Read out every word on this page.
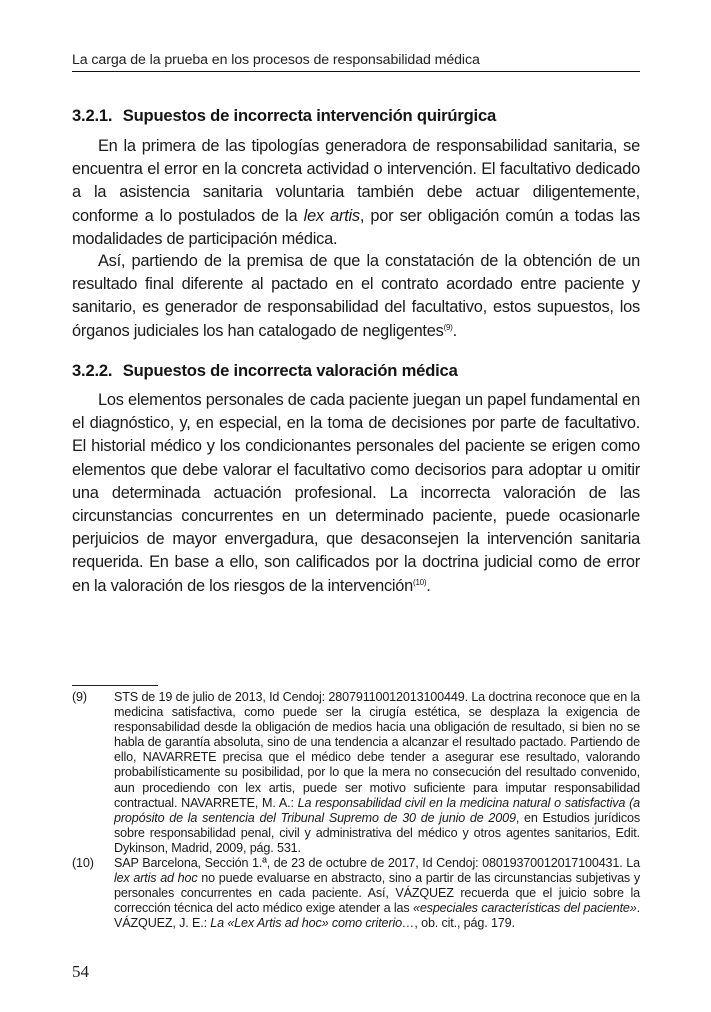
La carga de la prueba en los procesos de responsabilidad médica
3.2.1. Supuestos de incorrecta intervención quirúrgica

En la primera de las tipologías generadora de responsabilidad sanitaria, se encuentra el error en la concreta actividad o intervención. El facultativo dedicado a la asistencia sanitaria voluntaria también debe actuar diligentemente, conforme a lo postulados de la lex artis, por ser obligación común a todas las modalidades de participación médica.

Así, partiendo de la premisa de que la constatación de la obtención de un resultado final diferente al pactado en el contrato acordado entre paciente y sanitario, es generador de responsabilidad del facultativo, estos supuestos, los órganos judiciales los han catalogado de negligentes$^{(9)}$.

3.2.2. Supuestos de incorrecta valoración médica

Los elementos personales de cada paciente juegan un papel fundamental en el diagnóstico, y, en especial, en la toma de decisiones por parte de facultativo. El historial médico y los condicionantes personales del paciente se erigen como elementos que debe valorar el facultativo como decisorios para adoptar u omitir una determinada actuación profesional. La incorrecta valoración de las circunstancias concurrentes en un determinado paciente, puede ocasionarle perjuicios de mayor envergadura, que desaconsejen la intervención sanitaria requerida. En base a ello, son calificados por la doctrina judicial como de error en la valoración de los riesgos de la intervención$^{(10)}$.

(9)	STS de 19 de julio de 2013, Id Cendoj: 28079110012013100449. La doctrina reconoce que en la medicina satisfactiva, como puede ser la cirugía estética, se desplaza la exigencia de responsabilidad desde la obligación de medios hacia una obligación de resultado, si bien no se habla de garantía absoluta, sino de una tendencia a alcanzar el resultado pactado. Partiendo de ello, NAVARRETE precisa que el médico debe tender a asegurar ese resultado, valorando probabilísticamente su posibilidad, por lo que la mera no consecución del resultado convenido, aun procediendo con lex artis, puede ser motivo suficiente para imputar responsabilidad contractual. NAVARRETE, M. A.: La responsabilidad civil en la medicina natural o satisfactiva (a propósito de la sentencia del Tribunal Supremo de 30 de junio de 2009, en Estudios jurídicos sobre responsabilidad penal, civil y administrativa del médico y otros agentes sanitarios, Edit. Dykinson, Madrid, 2009, pág. 531.
(10)	SAP Barcelona, Sección 1.ª, de 23 de octubre de 2017, Id Cendoj: 08019370012017100431. La lex artis ad hoc no puede evaluarse en abstracto, sino a partir de las circunstancias subjetivas y personales concurrentes en cada paciente. Así, VÁZQUEZ recuerda que el juicio sobre la corrección técnica del acto médico exige atender a las «especiales características del paciente». VÁZQUEZ, J. E.: La «Lex Artis ad hoc» como criterio…, ob. cit., pág. 179.
54
